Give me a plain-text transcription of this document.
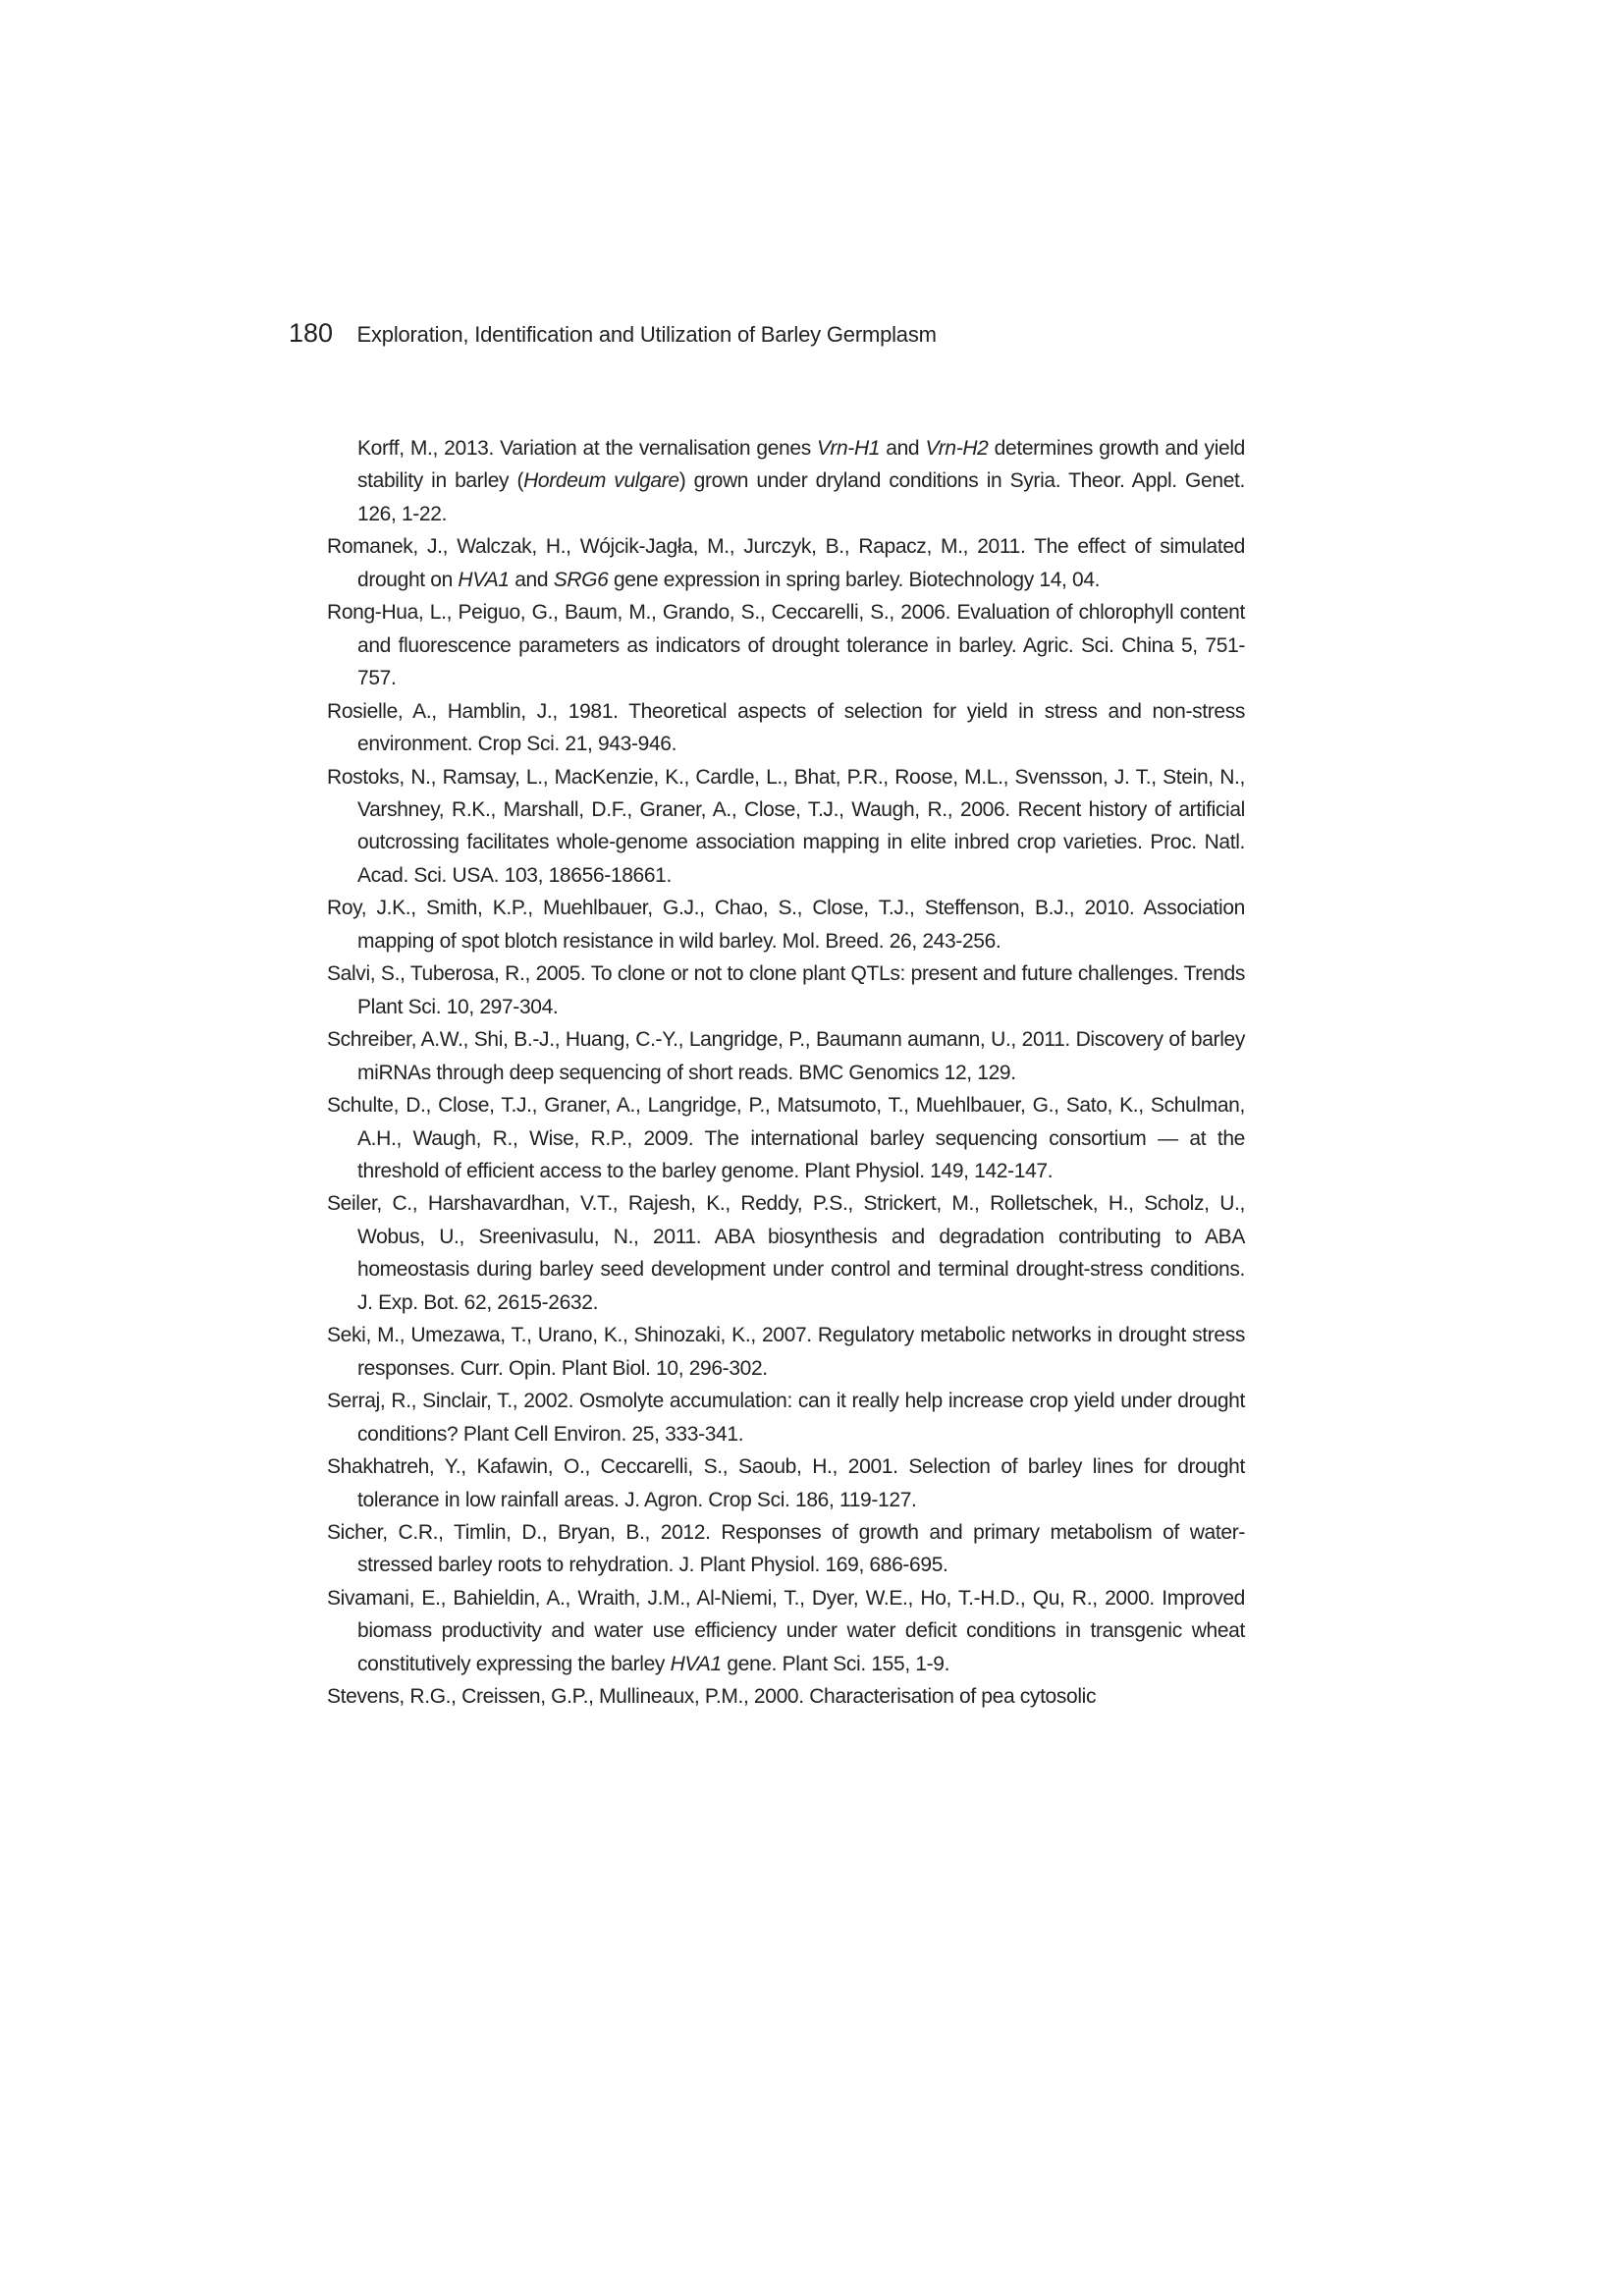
180 Exploration, Identification and Utilization of Barley Germplasm

Korff, M., 2013. Variation at the vernalisation genes Vrn-H1 and Vrn-H2 determines growth and yield stability in barley (Hordeum vulgare) grown under dryland conditions in Syria. Theor. Appl. Genet. 126, 1-22.

Romanek, J., Walczak, H., Wójcik-Jagła, M., Jurczyk, B., Rapacz, M., 2011. The effect of simulated drought on HVA1 and SRG6 gene expression in spring barley. Biotechnology 14, 04.

Rong-Hua, L., Peiguo, G., Baum, M., Grando, S., Ceccarelli, S., 2006. Evaluation of chlorophyll content and fluorescence parameters as indicators of drought tolerance in barley. Agric. Sci. China 5, 751-757.

Rosielle, A., Hamblin, J., 1981. Theoretical aspects of selection for yield in stress and non-stress environment. Crop Sci. 21, 943-946.

Rostoks, N., Ramsay, L., MacKenzie, K., Cardle, L., Bhat, P.R., Roose, M.L., Svensson, J. T., Stein, N., Varshney, R.K., Marshall, D.F., Graner, A., Close, T.J., Waugh, R., 2006. Recent history of artificial outcrossing facilitates whole-genome association mapping in elite inbred crop varieties. Proc. Natl. Acad. Sci. USA. 103, 18656-18661.

Roy, J.K., Smith, K.P., Muehlbauer, G.J., Chao, S., Close, T.J., Steffenson, B.J., 2010. Association mapping of spot blotch resistance in wild barley. Mol. Breed. 26, 243-256.

Salvi, S., Tuberosa, R., 2005. To clone or not to clone plant QTLs: present and future challenges. Trends Plant Sci. 10, 297-304.

Schreiber, A.W., Shi, B.-J., Huang, C.-Y., Langridge, P., Baumann aumann, U., 2011. Discovery of barley miRNAs through deep sequencing of short reads. BMC Genomics 12, 129.

Schulte, D., Close, T.J., Graner, A., Langridge, P., Matsumoto, T., Muehlbauer, G., Sato, K., Schulman, A.H., Waugh, R., Wise, R.P., 2009. The international barley sequencing consortium — at the threshold of efficient access to the barley genome. Plant Physiol. 149, 142-147.

Seiler, C., Harshavardhan, V.T., Rajesh, K., Reddy, P.S., Strickert, M., Rolletschek, H., Scholz, U., Wobus, U., Sreenivasulu, N., 2011. ABA biosynthesis and degradation contributing to ABA homeostasis during barley seed development under control and terminal drought-stress conditions. J. Exp. Bot. 62, 2615-2632.

Seki, M., Umezawa, T., Urano, K., Shinozaki, K., 2007. Regulatory metabolic networks in drought stress responses. Curr. Opin. Plant Biol. 10, 296-302.

Serraj, R., Sinclair, T., 2002. Osmolyte accumulation: can it really help increase crop yield under drought conditions? Plant Cell Environ. 25, 333-341.

Shakhatreh, Y., Kafawin, O., Ceccarelli, S., Saoub, H., 2001. Selection of barley lines for drought tolerance in low rainfall areas. J. Agron. Crop Sci. 186, 119-127.

Sicher, C.R., Timlin, D., Bryan, B., 2012. Responses of growth and primary metabolism of water-stressed barley roots to rehydration. J. Plant Physiol. 169, 686-695.

Sivamani, E., Bahieldin, A., Wraith, J.M., Al-Niemi, T., Dyer, W.E., Ho, T.-H.D., Qu, R., 2000. Improved biomass productivity and water use efficiency under water deficit conditions in transgenic wheat constitutively expressing the barley HVA1 gene. Plant Sci. 155, 1-9.

Stevens, R.G., Creissen, G.P., Mullineaux, P.M., 2000. Characterisation of pea cytosolic
